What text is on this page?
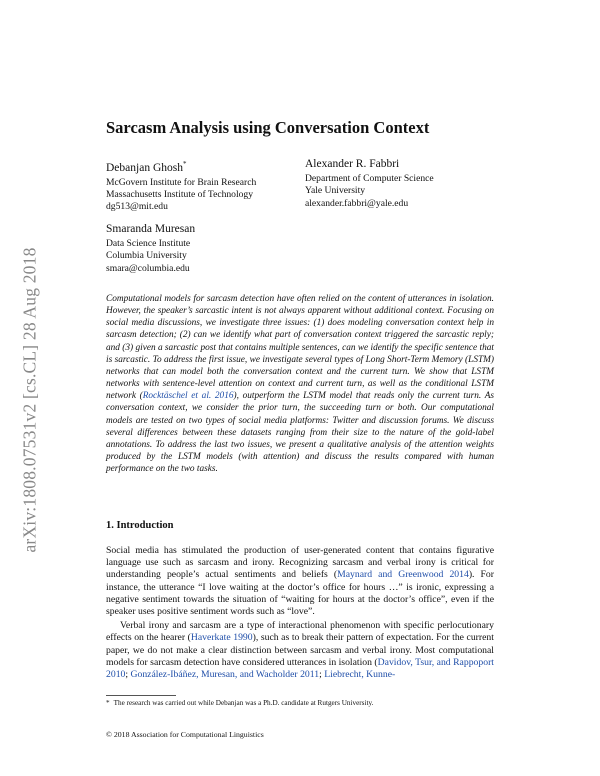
arXiv:1808.07531v2 [cs.CL] 28 Aug 2018
Sarcasm Analysis using Conversation Context
Debanjan Ghosh*
McGovern Institute for Brain Research
Massachusetts Institute of Technology
dg513@mit.edu
Alexander R. Fabbri
Department of Computer Science
Yale University
alexander.fabbri@yale.edu
Smaranda Muresan
Data Science Institute
Columbia University
smara@columbia.edu
Computational models for sarcasm detection have often relied on the content of utterances in isolation. However, the speaker’s sarcastic intent is not always apparent without additional context. Focusing on social media discussions, we investigate three issues: (1) does modeling conversation context help in sarcasm detection; (2) can we identify what part of conversation context triggered the sarcastic reply; and (3) given a sarcastic post that contains multiple sentences, can we identify the specific sentence that is sarcastic. To address the first issue, we investigate several types of Long Short-Term Memory (LSTM) networks that can model both the conversation context and the current turn. We show that LSTM networks with sentence-level attention on context and current turn, as well as the conditional LSTM network (Rocktäschel et al. 2016), outperform the LSTM model that reads only the current turn. As conversation context, we consider the prior turn, the succeeding turn or both. Our computational models are tested on two types of social media platforms: Twitter and discussion forums. We discuss several differences between these datasets ranging from their size to the nature of the gold-label annotations. To address the last two issues, we present a qualitative analysis of the attention weights produced by the LSTM models (with attention) and discuss the results compared with human performance on the two tasks.
1. Introduction

Social media has stimulated the production of user-generated content that contains figurative language use such as sarcasm and irony. Recognizing sarcasm and verbal irony is critical for understanding people’s actual sentiments and beliefs (Maynard and Greenwood 2014). For instance, the utterance “I love waiting at the doctor’s office for hours …” is ironic, expressing a negative sentiment towards the situation of “waiting for hours at the doctor’s office”, even if the speaker uses positive sentiment words such as “love”.

Verbal irony and sarcasm are a type of interactional phenomenon with specific perlocutionary effects on the hearer (Haverkate 1990), such as to break their pattern of expectation. For the current paper, we do not make a clear distinction between sarcasm and verbal irony. Most computational models for sarcasm detection have considered utterances in isolation (Davidov, Tsur, and Rappoport 2010; González-Ibáñez, Muresan, and Wacholder 2011; Liebrecht, Kunne-

* The research was carried out while Debanjan was a Ph.D. candidate at Rutgers University.
© 2018 Association for Computational Linguistics
